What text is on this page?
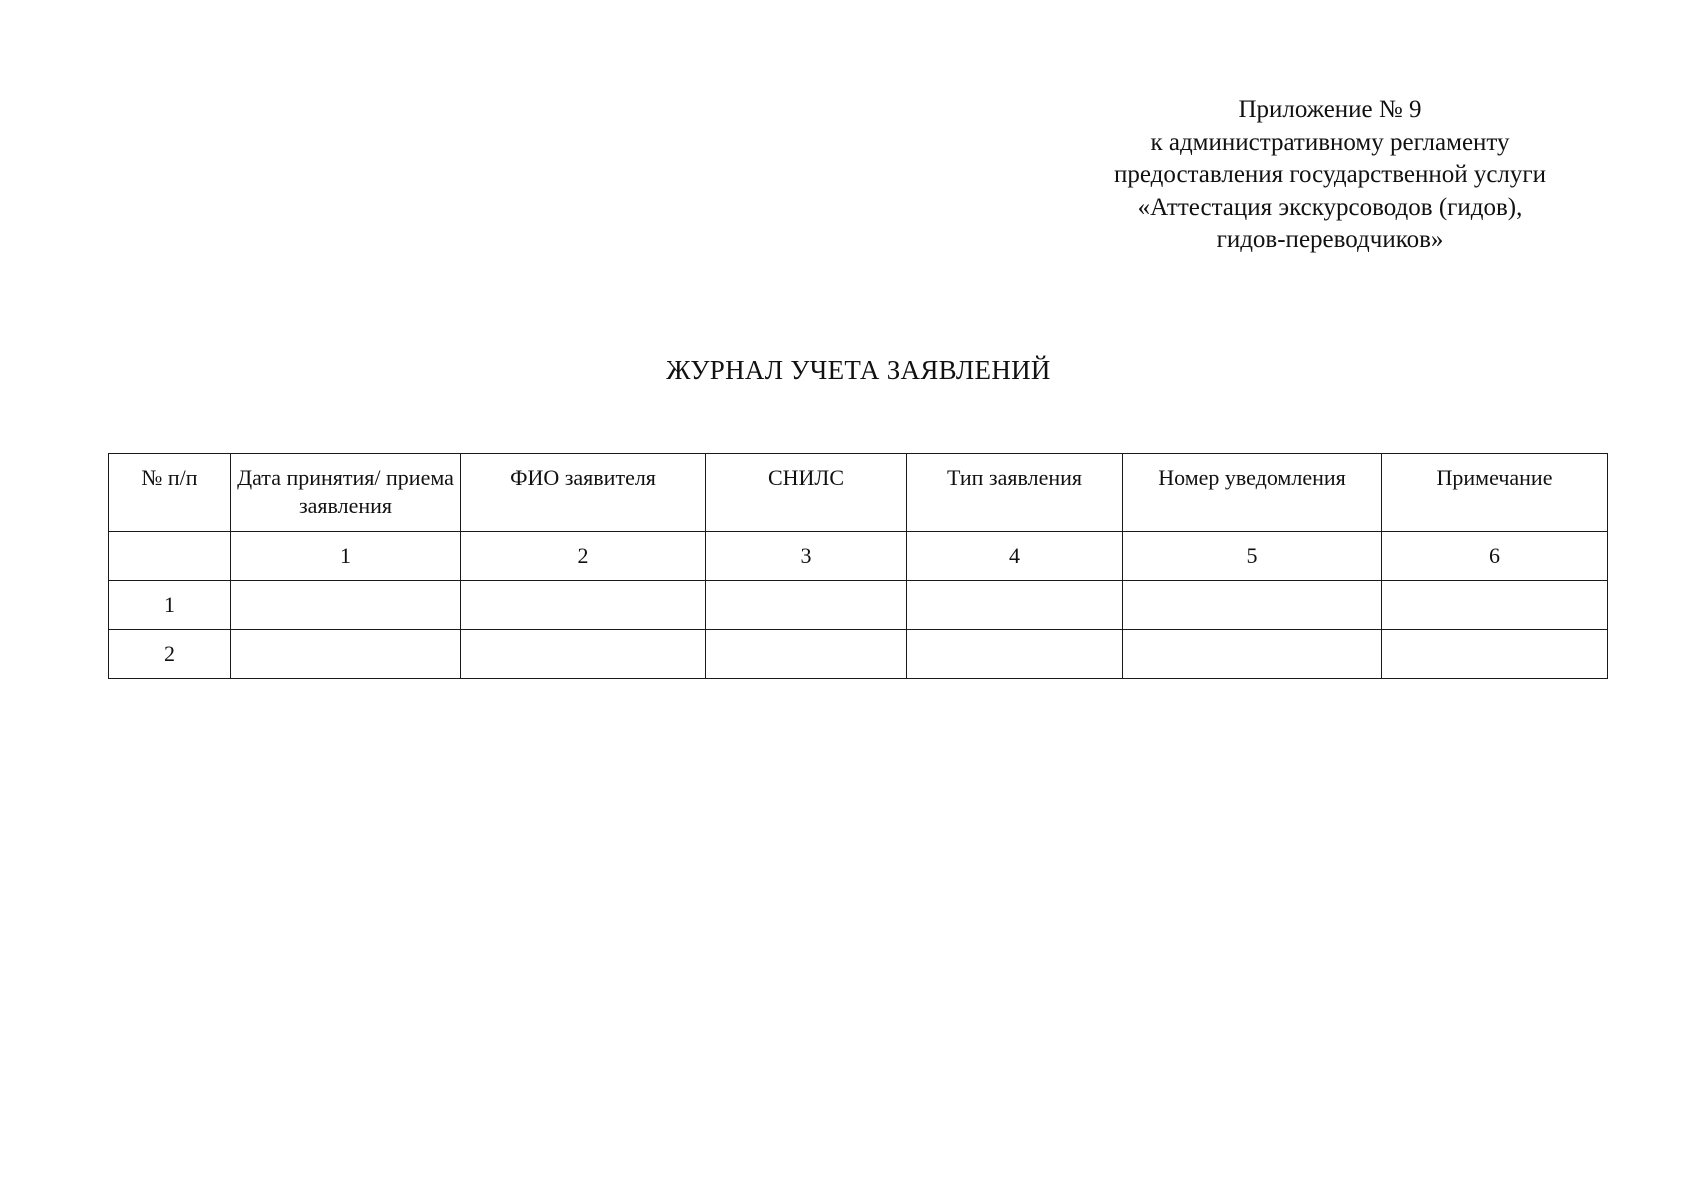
Приложение № 9
к административному регламенту
предоставления государственной услуги
«Аттестация экскурсоводов (гидов),
гидов-переводчиков»
ЖУРНАЛ УЧЕТА ЗАЯВЛЕНИЙ
№ п/п	Дата принятия/ приема заявления	ФИО заявителя	СНИЛС	Тип заявления	Номер уведомления	Примечание
	1	2	3	4	5	6
1						
2						
